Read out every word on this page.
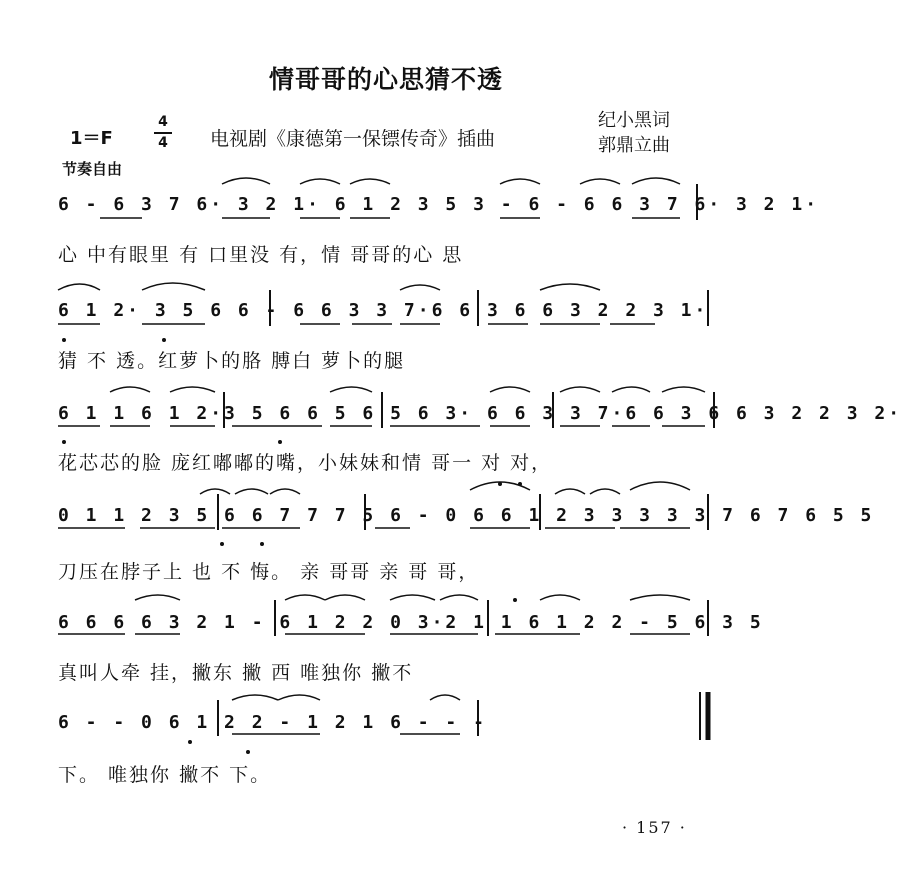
情哥哥的心思猜不透
1＝F
4
4	电视剧《康德第一保镖传奇》插曲
纪小黑词
郭鼎立曲
节奏自由
6 - 6 3 7 6· 3 2 1· 6 1 2 3 5 3 - 6 - 6 6 3 7 6· 3 2 1·
心 中有眼里 有 口里没 有，情 哥哥的心 思
6 1 2· 3 5 6 6 - 6 6 3 3 7·6 6 3 6 6 3 2 2 3 1·
猜 不 透。红萝卜的胳 膊白 萝卜的腿
6 1 1 6 1 2·3 5 6 6 5 6 5 6 3· 6 6 3 3 7·6 6 3 6 6 3 2 2 3 2·
花芯芯的脸 庞红嘟嘟的嘴，小妹妹和情 哥一 对 对，
0 1 1 2 3 5 6 6 7 7 7 5 6 - 0 6 6 1 2 3 3 3 3 3 7 6 7 6 5 5
刀压在脖子上 也 不 悔。 亲 哥哥 亲 哥 哥，
6 6 6 6 3 2 1 - 6 1 2 2 0 3·2 1 1 6 1 2 2 - 5 6 3 5
真叫人牵 挂，撇东 撇 西 唯独你 撇不
6 - - 0 6 1 2 2 - 1 2 1 6 - - -
下。 唯独你 撇不 下。
· 157 ·
